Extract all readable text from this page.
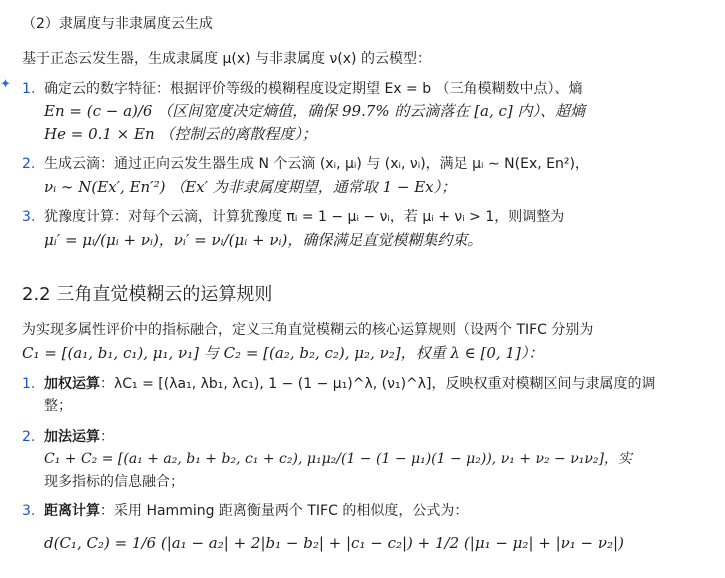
（2）隶属度与非隶属度云生成
基于正态云发生器，生成隶属度 μ(x) 与非隶属度 ν(x) 的云模型：
✦ 1. 确定云的数字特征：根据评价等级的模糊程度设定期望 Ex = b （三角模糊数中点）、熵
En = (c − a)/6 （区间宽度决定熵值，确保 99.7% 的云滴落在 [a, c] 内）、超熵
He = 0.1 × En （控制云的离散程度）；
2. 生成云滴：通过正向云发生器生成 N 个云滴 (xᵢ, μᵢ) 与 (xᵢ, νᵢ)，满足 μᵢ ∼ N(Ex, En²)，
νᵢ ∼ N(Ex′, En′²) （Ex′ 为非隶属度期望，通常取 1 − Ex）；
3. 犹豫度计算：对每个云滴，计算犹豫度 πᵢ = 1 − μᵢ − νᵢ，若 μᵢ + νᵢ > 1，则调整为
μᵢ′ = μᵢ/(μᵢ + νᵢ)，νᵢ′ = νᵢ/(μᵢ + νᵢ)，确保满足直觉模糊集约束。
2.2 三角直觉模糊云的运算规则
为实现多属性评价中的指标融合，定义三角直觉模糊云的核心运算规则（设两个 TIFC 分别为
C₁ = [(a₁, b₁, c₁), μ₁, ν₁] 与 C₂ = [(a₂, b₂, c₂), μ₂, ν₂]，权重 λ ∈ [0, 1]）：
1. 加权运算：λC₁ = [(λa₁, λb₁, λc₁), 1 − (1 − μ₁)^λ, (ν₁)^λ]，反映权重对模糊区间与隶属度的调
整；
2. 加法运算：
C₁ + C₂ = [(a₁ + a₂, b₁ + b₂, c₁ + c₂), μ₁μ₂/(1 − (1 − μ₁)(1 − μ₂)), ν₁ + ν₂ − ν₁ν₂]，实
现多指标的信息融合；
3. 距离计算：采用 Hamming 距离衡量两个 TIFC 的相似度，公式为：
d(C₁, C₂) = 1/6 (|a₁ − a₂| + 2|b₁ − b₂| + |c₁ − c₂|) + 1/2 (|μ₁ − μ₂| + |ν₁ − ν₂|)
